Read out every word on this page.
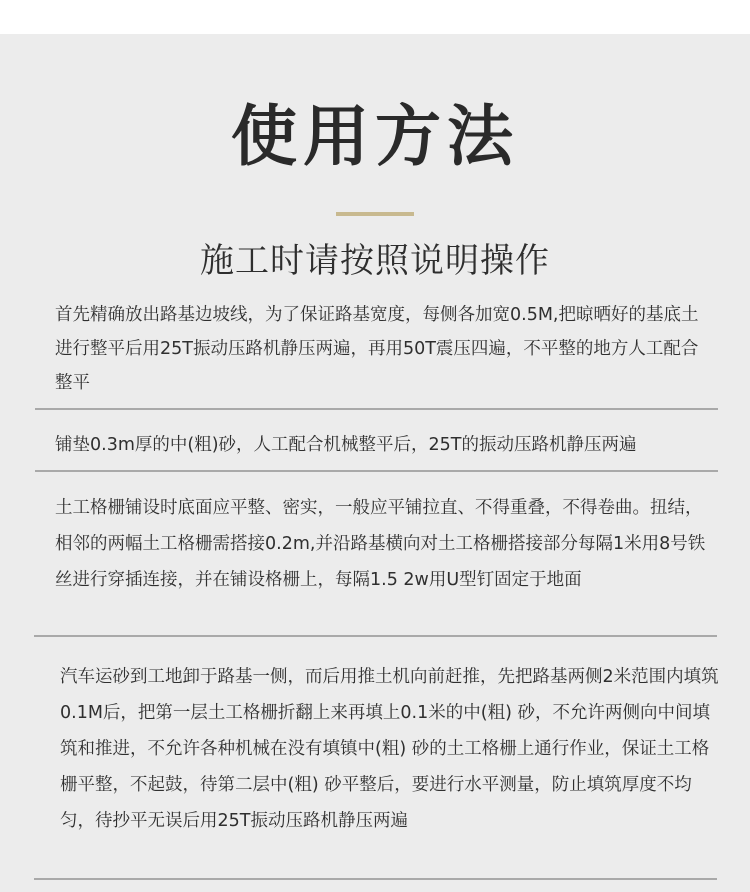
使用方法
施工时请按照说明操作

首先精确放出路基边坡线，为了保证路基宽度，每侧各加宽0.5M,把晾晒好的基底土进行整平后用25T振动压路机静压两遍，再用50T震压四遍，不平整的地方人工配合整平

铺垫0.3m厚的中(粗)砂，人工配合机械整平后，25T的振动压路机静压两遍

土工格栅铺设时底面应平整、密实，一般应平铺拉直、不得重叠，不得卷曲。扭结，相邻的两幅土工格栅需搭接0.2m,并沿路基横向对土工格栅搭接部分每隔1米用8号铁丝进行穿插连接，并在铺设格栅上，每隔1.5 2w用U型钉固定于地面

汽车运砂到工地卸于路基一侧，而后用推土机向前赶推，先把路基两侧2米范围内填筑0.1M后，把第一层土工格栅折翻上来再填上0.1米的中(粗) 砂，不允许两侧向中间填筑和推进，不允许各种机械在没有填镇中(粗) 砂的土工格栅上通行作业，保证土工格栅平整，不起鼓，待第二层中(粗) 砂平整后，要进行水平测量，防止填筑厚度不均匀，待抄平无误后用25T振动压路机静压两遍
